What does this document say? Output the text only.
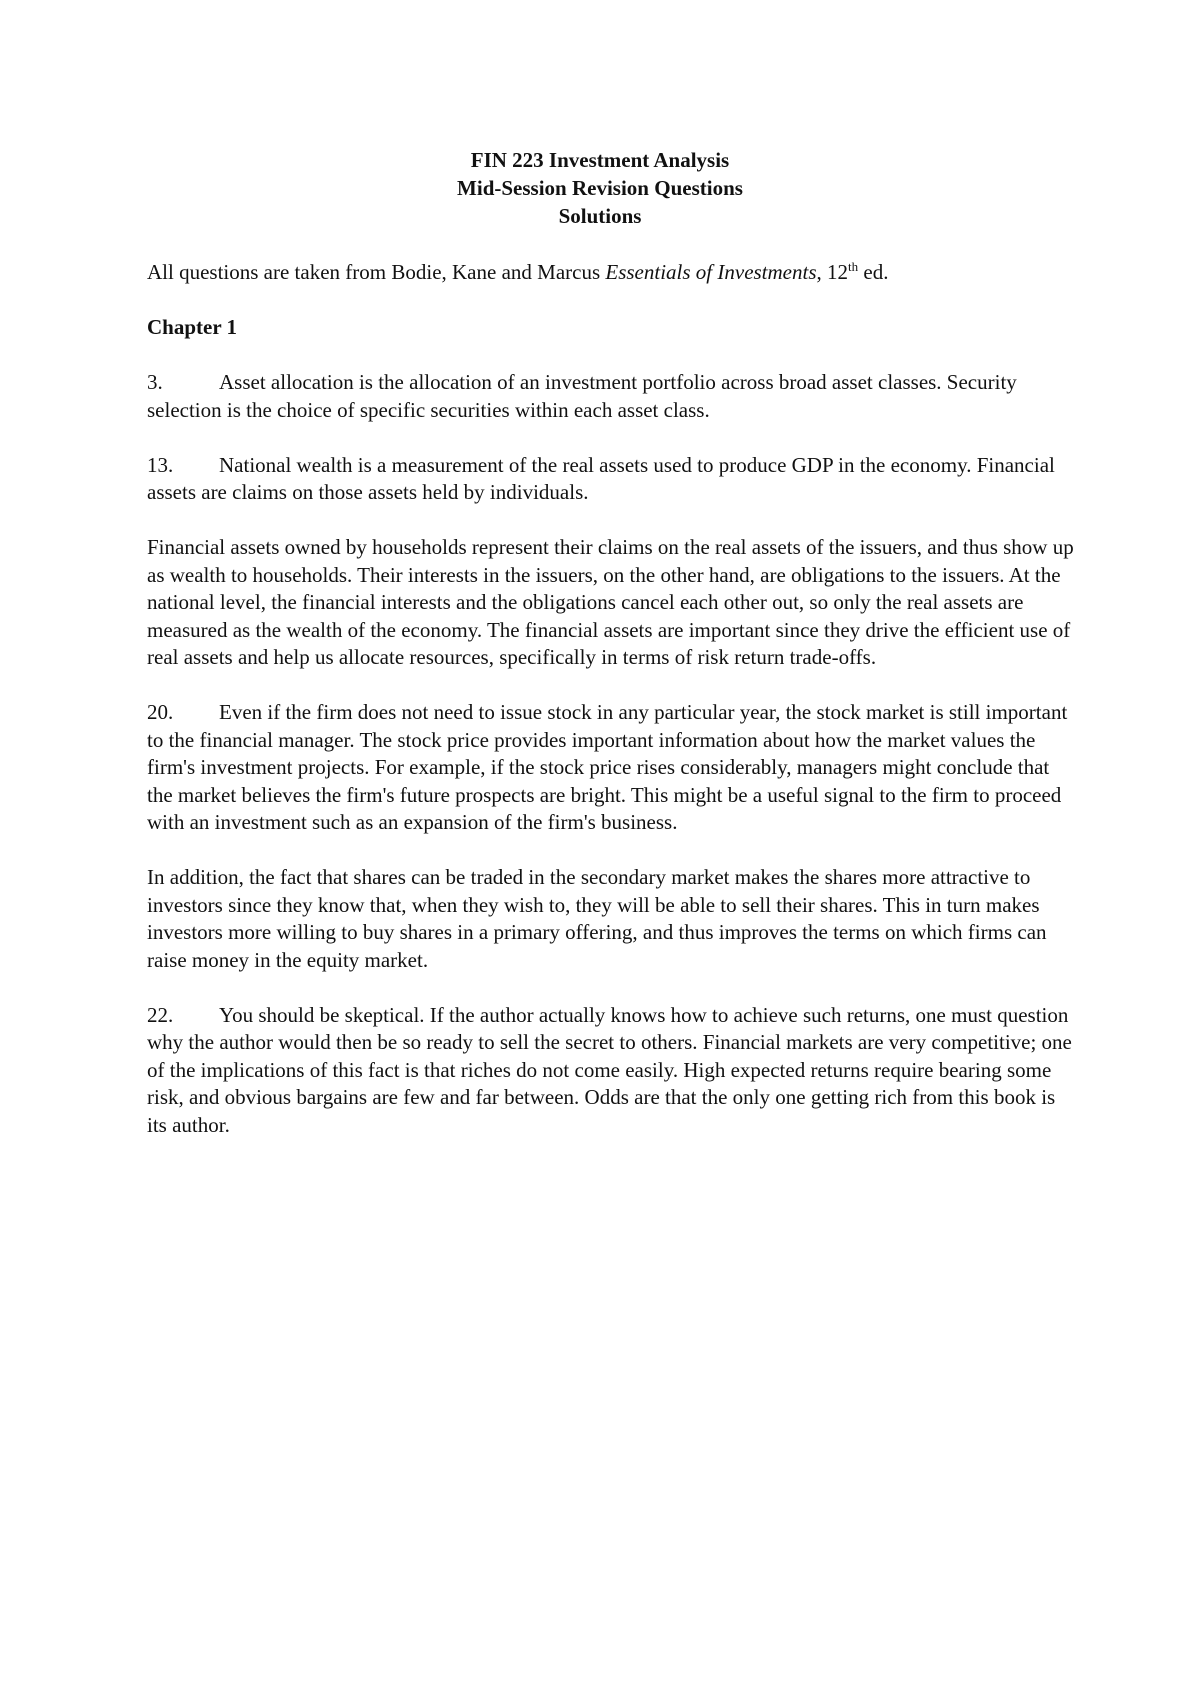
FIN 223 Investment Analysis
Mid-Session Revision Questions
Solutions

All questions are taken from Bodie, Kane and Marcus Essentials of Investments, 12th ed.

Chapter 1

3.	Asset allocation is the allocation of an investment portfolio across broad asset classes. Security selection is the choice of specific securities within each asset class.

13. National wealth is a measurement of the real assets used to produce GDP in the economy. Financial assets are claims on those assets held by individuals.

Financial assets owned by households represent their claims on the real assets of the issuers, and thus show up as wealth to households. Their interests in the issuers, on the other hand, are obligations to the issuers. At the national level, the financial interests and the obligations cancel each other out, so only the real assets are measured as the wealth of the economy. The financial assets are important since they drive the efficient use of real assets and help us allocate resources, specifically in terms of risk return trade-offs.

20. Even if the firm does not need to issue stock in any particular year, the stock market is still important to the financial manager. The stock price provides important information about how the market values the firm's investment projects. For example, if the stock price rises considerably, managers might conclude that the market believes the firm's future prospects are bright. This might be a useful signal to the firm to proceed with an investment such as an expansion of the firm's business.

In addition, the fact that shares can be traded in the secondary market makes the shares more attractive to investors since they know that, when they wish to, they will be able to sell their shares. This in turn makes investors more willing to buy shares in a primary offering, and thus improves the terms on which firms can raise money in the equity market.

22. You should be skeptical. If the author actually knows how to achieve such returns, one must question why the author would then be so ready to sell the secret to others. Financial markets are very competitive; one of the implications of this fact is that riches do not come easily. High expected returns require bearing some risk, and obvious bargains are few and far between. Odds are that the only one getting rich from this book is its author.
